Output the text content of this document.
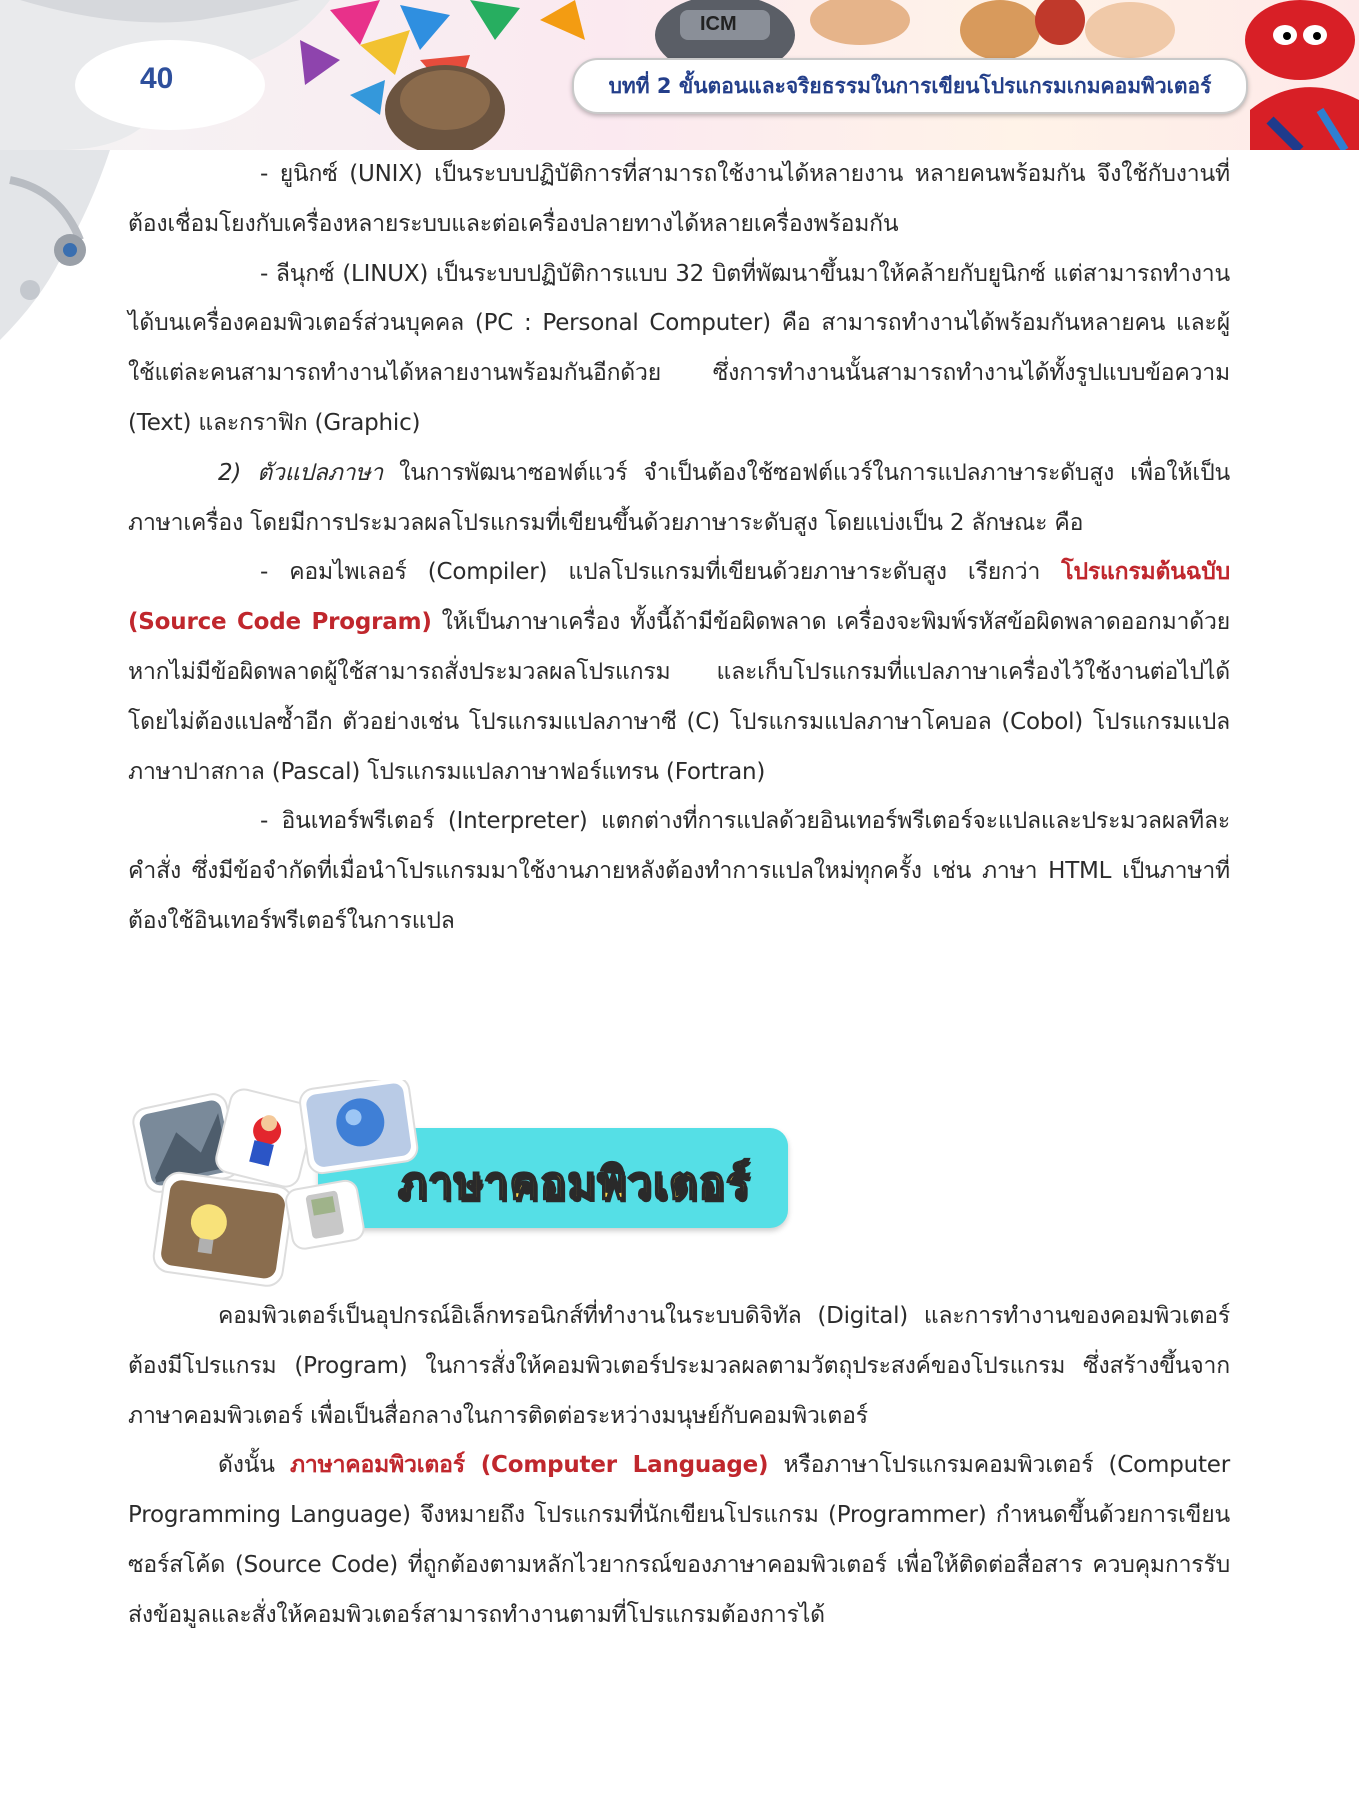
ICM
40	บทที่ 2 ขั้นตอนและจริยธรรมในการเขียนโปรแกรมเกมคอมพิวเตอร์

- ยูนิกซ์ (UNIX) เป็นระบบปฏิบัติการที่สามารถใช้งานได้หลายงาน หลายคนพร้อมกัน จึงใช้กับงานที่ต้องเชื่อมโยงกับเครื่องหลายระบบและต่อเครื่องปลายทางได้หลายเครื่องพร้อมกัน

- ลีนุกซ์ (LINUX) เป็นระบบปฏิบัติการแบบ 32 บิตที่พัฒนาขึ้นมาให้คล้ายกับยูนิกซ์ แต่สามารถทำงานได้บนเครื่องคอมพิวเตอร์ส่วนบุคคล (PC : Personal Computer) คือ สามารถทำงานได้พร้อมกันหลายคน และผู้ใช้แต่ละคนสามารถทำงานได้หลายงานพร้อมกันอีกด้วย ซึ่งการทำงานนั้นสามารถทำงานได้ทั้งรูปแบบข้อความ (Text) และกราฟิก (Graphic)

2) ตัวแปลภาษา ในการพัฒนาซอฟต์แวร์ จำเป็นต้องใช้ซอฟต์แวร์ในการแปลภาษาระดับสูง เพื่อให้เป็นภาษาเครื่อง โดยมีการประมวลผลโปรแกรมที่เขียนขึ้นด้วยภาษาระดับสูง โดยแบ่งเป็น 2 ลักษณะ คือ

- คอมไพเลอร์ (Compiler) แปลโปรแกรมที่เขียนด้วยภาษาระดับสูง เรียกว่า โปรแกรมต้นฉบับ (Source Code Program) ให้เป็นภาษาเครื่อง ทั้งนี้ถ้ามีข้อผิดพลาด เครื่องจะพิมพ์รหัสข้อผิดพลาดออกมาด้วย หากไม่มีข้อผิดพลาดผู้ใช้สามารถสั่งประมวลผลโปรแกรม และเก็บโปรแกรมที่แปลภาษาเครื่องไว้ใช้งานต่อไปได้โดยไม่ต้องแปลซ้ำอีก ตัวอย่างเช่น โปรแกรมแปลภาษาซี (C) โปรแกรมแปลภาษาโคบอล (Cobol) โปรแกรมแปลภาษาปาสกาล (Pascal) โปรแกรมแปลภาษาฟอร์แทรน (Fortran)

- อินเทอร์พรีเตอร์ (Interpreter) แตกต่างที่การแปลด้วยอินเทอร์พรีเตอร์จะแปลและประมวลผลทีละคำสั่ง ซึ่งมีข้อจำกัดที่เมื่อนำโปรแกรมมาใช้งานภายหลังต้องทำการแปลใหม่ทุกครั้ง เช่น ภาษา HTML เป็นภาษาที่ต้องใช้อินเทอร์พรีเตอร์ในการแปล

ภาษาคอมพิวเตอร์

คอมพิวเตอร์เป็นอุปกรณ์อิเล็กทรอนิกส์ที่ทำงานในระบบดิจิทัล (Digital) และการทำงานของคอมพิวเตอร์ต้องมีโปรแกรม (Program) ในการสั่งให้คอมพิวเตอร์ประมวลผลตามวัตถุประสงค์ของโปรแกรม ซึ่งสร้างขึ้นจากภาษาคอมพิวเตอร์ เพื่อเป็นสื่อกลางในการติดต่อระหว่างมนุษย์กับคอมพิวเตอร์

ดังนั้น ภาษาคอมพิวเตอร์ (Computer Language) หรือภาษาโปรแกรมคอมพิวเตอร์ (Computer Programming Language) จึงหมายถึง โปรแกรมที่นักเขียนโปรแกรม (Programmer) กำหนดขึ้นด้วยการเขียนซอร์สโค้ด (Source Code) ที่ถูกต้องตามหลักไวยากรณ์ของภาษาคอมพิวเตอร์ เพื่อให้ติดต่อสื่อสาร ควบคุมการรับส่งข้อมูลและสั่งให้คอมพิวเตอร์สามารถทำงานตามที่โปรแกรมต้องการได้
